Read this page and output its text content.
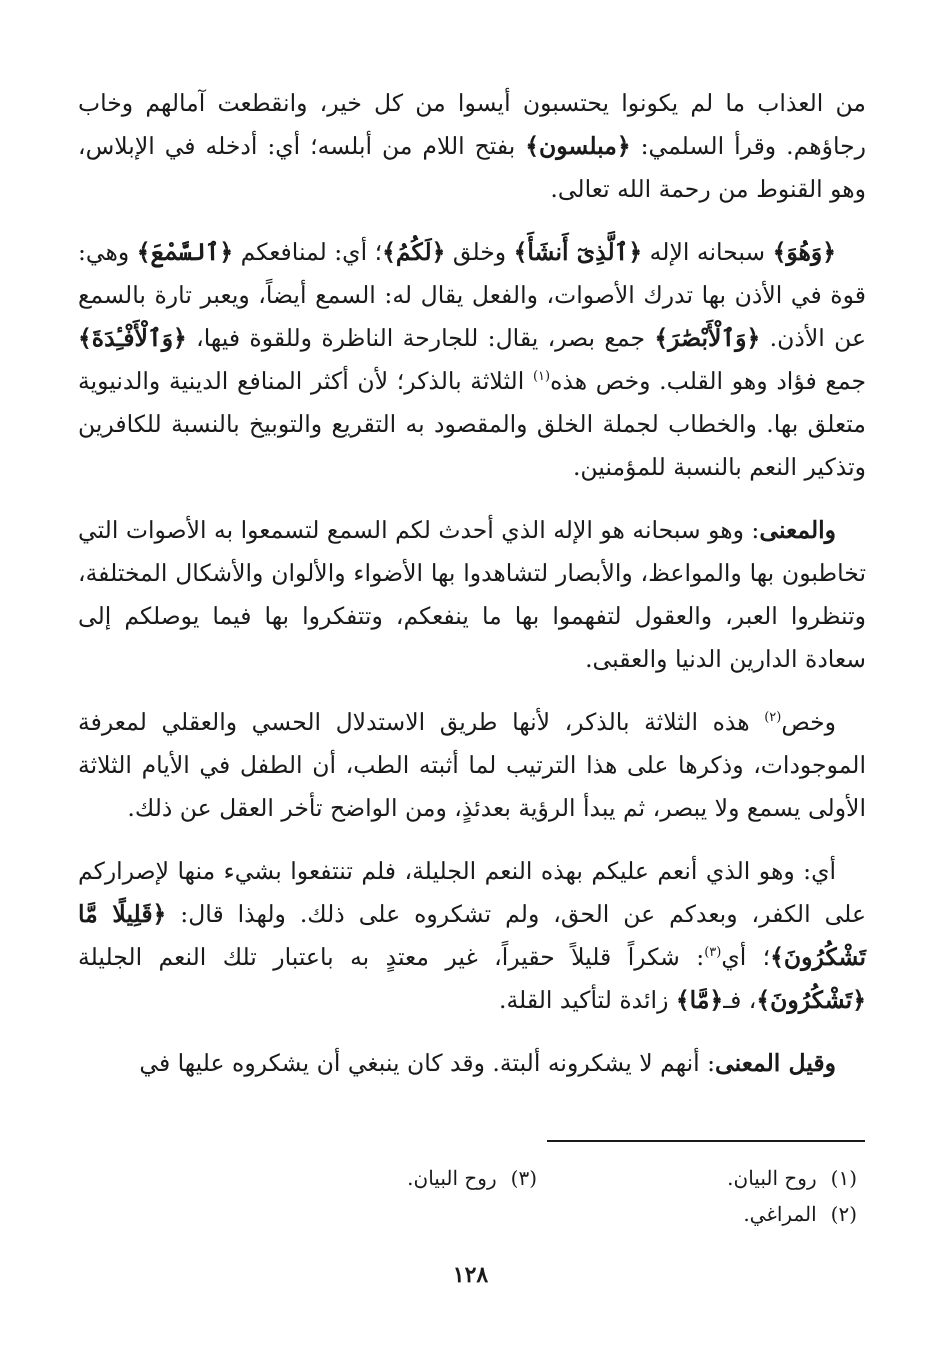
من العذاب ما لم يكونوا يحتسبون أيسوا من كل خير، وانقطعت آمالهم وخاب رجاؤهم. وقرأ السلمي: ﴿مبلسون﴾ بفتح اللام من أبلسه؛ أي: أدخله في الإبلاس، وهو القنوط من رحمة الله تعالى.

﴿وَهُوَ﴾ سبحانه الإله ﴿ٱلَّذِىٓ أَنشَأَ﴾ وخلق ﴿لَكُمُ﴾؛ أي: لمنافعكم ﴿ٱلسَّمْعَ﴾ وهي: قوة في الأذن بها تدرك الأصوات، والفعل يقال له: السمع أيضاً، ويعبر تارة بالسمع عن الأذن. ﴿وَٱلْأَبْصَٰرَ﴾ جمع بصر، يقال: للجارحة الناظرة وللقوة فيها، ﴿وَٱلْأَفْـِٔدَةَ﴾ جمع فؤاد وهو القلب. وخص هذه$^{(١)}$ الثلاثة بالذكر؛ لأن أكثر المنافع الدينية والدنيوية متعلق بها. والخطاب لجملة الخلق والمقصود به التقريع والتوبيخ بالنسبة للكافرين وتذكير النعم بالنسبة للمؤمنين.

والمعنى: وهو سبحانه هو الإله الذي أحدث لكم السمع لتسمعوا به الأصوات التي تخاطبون بها والمواعظ، والأبصار لتشاهدوا بها الأضواء والألوان والأشكال المختلفة، وتنظروا العبر، والعقول لتفهموا بها ما ينفعكم، وتتفكروا بها فيما يوصلكم إلى سعادة الدارين الدنيا والعقبى.

وخص$^{(٢)}$ هذه الثلاثة بالذكر، لأنها طريق الاستدلال الحسي والعقلي لمعرفة الموجودات، وذكرها على هذا الترتيب لما أثبته الطب، أن الطفل في الأيام الثلاثة الأولى يسمع ولا يبصر، ثم يبدأ الرؤية بعدئذٍ، ومن الواضح تأخر العقل عن ذلك.

أي: وهو الذي أنعم عليكم بهذه النعم الجليلة، فلم تنتفعوا بشيء منها لإصراركم على الكفر، وبعدكم عن الحق، ولم تشكروه على ذلك. ولهذا قال: ﴿قَلِيلًا مَّا تَشْكُرُونَ﴾؛ أي$^{(٣)}$: شكراً قليلاً حقيراً، غير معتدٍ به باعتبار تلك النعم الجليلة ﴿تَشْكُرُونَ﴾، فـ﴿مَّا﴾ زائدة لتأكيد القلة.

وقيل المعنى: أنهم لا يشكرونه ألبتة. وقد كان ينبغي أن يشكروه عليها في

(١)روح البيان.
(٣)روح البيان.
(٢)المراغي.
١٢٨
